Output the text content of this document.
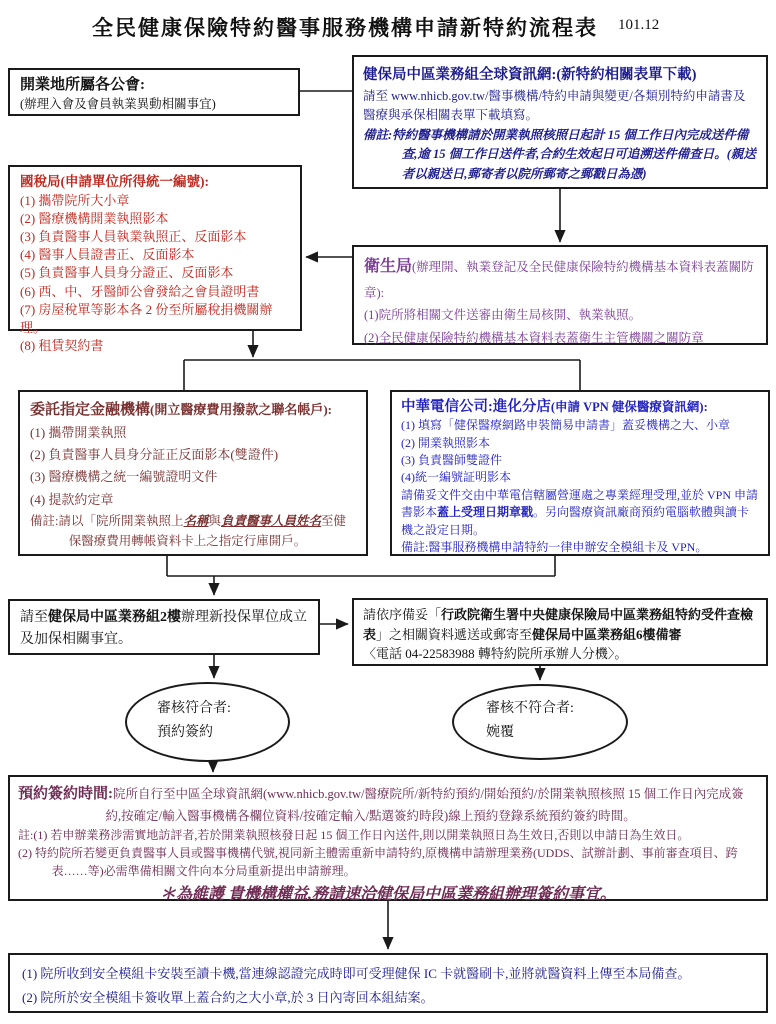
全民健康保險特約醫事服務機構申請新特約流程表	101.12
開業地所屬各公會:
(辦理入會及會員執業異動相關事宜)
健保局中區業務組全球資訊網:(新特約相關表單下載)
請至 www.nhicb.gov.tw/醫事機構/特約申請與變更/各類別特約申請書及醫療與承保相關表單下載填寫。
備註:特約醫事機構請於開業執照核照日起計 15 個工作日內完成送件備查,逾 15 個工作日送件者,合約生效起日可追溯送件備查日。(親送者以親送日,郵寄者以院所郵寄之郵戳日為憑)
國稅局(申請單位所得統一編號):
(1) 攜帶院所大小章
(2) 醫療機構開業執照影本
(3) 負責醫事人員執業執照正、反面影本
(4) 醫事人員證書正、反面影本
(5) 負責醫事人員身分證正、反面影本
(6) 西、中、牙醫師公會發給之會員證明書
(7) 房屋稅單等影本各 2 份至所屬稅捐機關辦理。
(8) 租賃契約書
衛生局(辦理開、執業登記及全民健康保險特約機構基本資料表蓋關防章):
(1)院所將相關文件送審由衛生局核開、執業執照。
(2)全民健康保險特約機構基本資料表蓋衛生主管機關之關防章
委託指定金融機構(開立醫療費用撥款之聯名帳戶):
(1) 攜帶開業執照
(2) 負責醫事人員身分証正反面影本(雙證件)
(3) 醫療機構之統一編號證明文件
(4) 提款約定章
備註:請以「院所開業執照上名稱與負責醫事人員姓名至健保醫療費用轉帳資料卡上之指定行庫開戶。
中華電信公司:進化分店(申請 VPN 健保醫療資訊網):
(1) 填寫「健保醫療網路申裝簡易申請書」蓋妥機構之大、小章
(2) 開業執照影本
(3) 負責醫師雙證件
(4)統一編號証明影本
請備妥文件交由中華電信轄屬營運處之專業經理受理,並於 VPN 申請書影本蓋上受理日期章戳。另向醫療資訊廠商預約電腦軟體與讀卡機之設定日期。
備註:醫事服務機構申請特約一律申辦安全模組卡及 VPN。
請至健保局中區業務組2樓辦理新投保單位成立及加保相關事宜。
請依序備妥「行政院衛生署中央健康保險局中區業務組特約受件查檢表」之相關資料遞送或郵寄至健保局中區業務組6樓備審
〈電話 04-22583988 轉特約院所承辦人分機〉。
審核符合者:
預約簽約
審核不符合者:
婉覆
預約簽約時間:院所自行至中區全球資訊網(www.nhicb.gov.tw/醫療院所/新特約預約/開始預約/於開業執照核照 15 個工作日內完成簽約,按確定/輸入醫事機構各欄位資料/按確定輸入/點選簽約時段)線上預約登錄系統預約簽約時間。
註:(1) 若申辦業務涉需實地訪評者,若於開業執照核發日起 15 個工作日內送件,則以開業執照日為生效日,否則以申請日為生效日。
(2) 特約院所若變更負責醫事人員或醫事機構代號,視同新主體需重新申請特約,原機構申請辦理業務(UDDS、試辦計劃、事前審查項目、跨表……等)必需準備相關文件向本分局重新提出申請辦理。
＊為維護 貴機構權益,務請速洽健保局中區業務組辦理簽約事宜。
(1) 院所收到安全模組卡安裝至讀卡機,當連線認證完成時即可受理健保 IC 卡就醫刷卡,並將就醫資料上傳至本局備查。
(2) 院所於安全模組卡簽收單上蓋合約之大小章,於 3 日內寄回本組結案。
